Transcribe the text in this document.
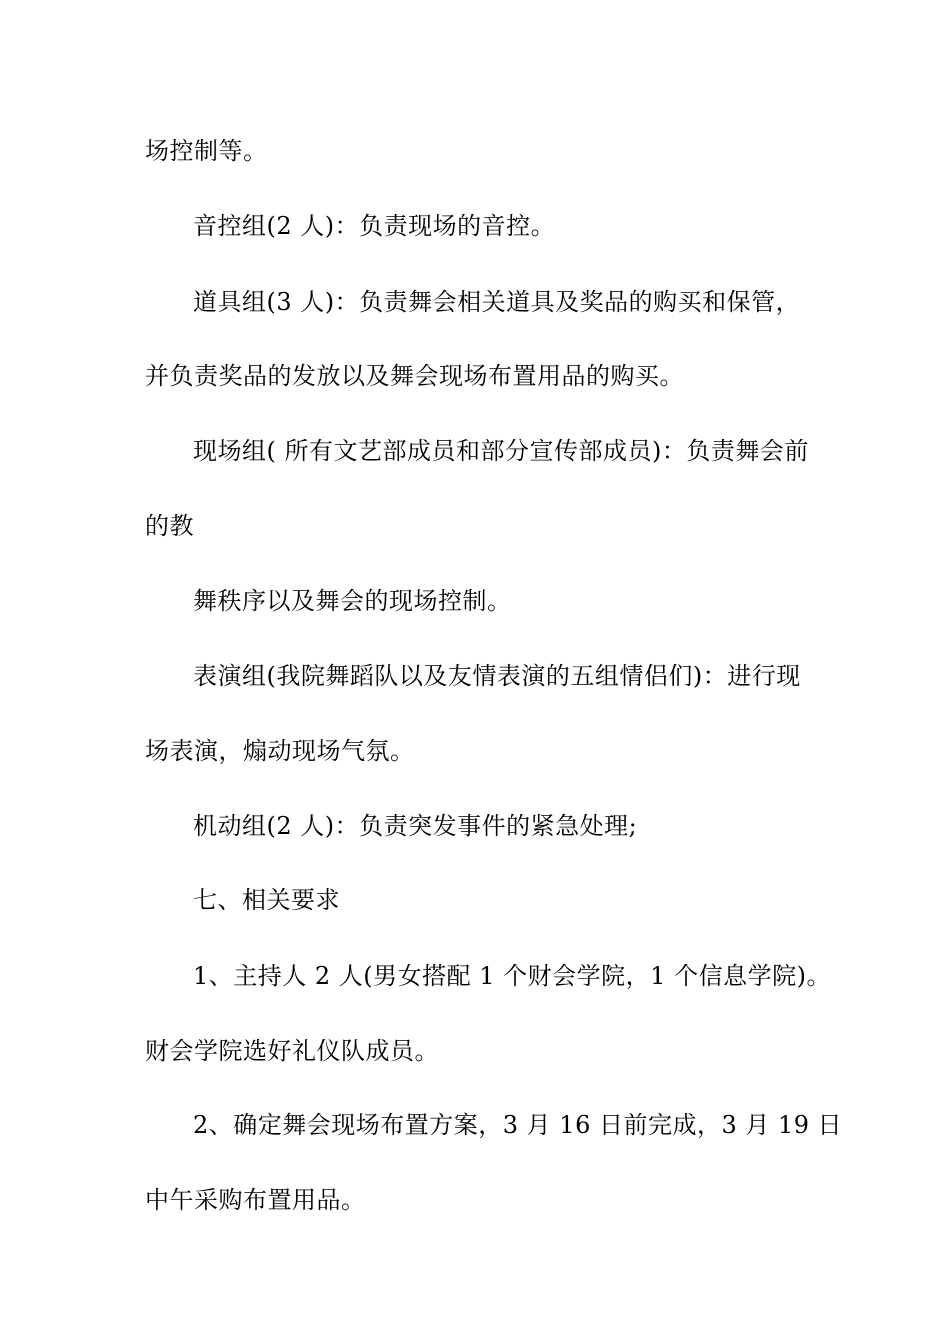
场控制等。
音控组(2 人)：负责现场的音控。
道具组(3 人)：负责舞会相关道具及奖品的购买和保管，
并负责奖品的发放以及舞会现场布置用品的购买。
现场组( 所有文艺部成员和部分宣传部成员)：负责舞会前
的教
舞秩序以及舞会的现场控制。
表演组(我院舞蹈队以及友情表演的五组情侣们)：进行现
场表演，煽动现场气氛。
机动组(2 人)：负责突发事件的紧急处理;
七、相关要求
1、主持人 2 人(男女搭配 1 个财会学院，1 个信息学院)。
财会学院选好礼仪队成员。
2、确定舞会现场布置方案，3 月 16 日前完成，3 月 19 日
中午采购布置用品。
